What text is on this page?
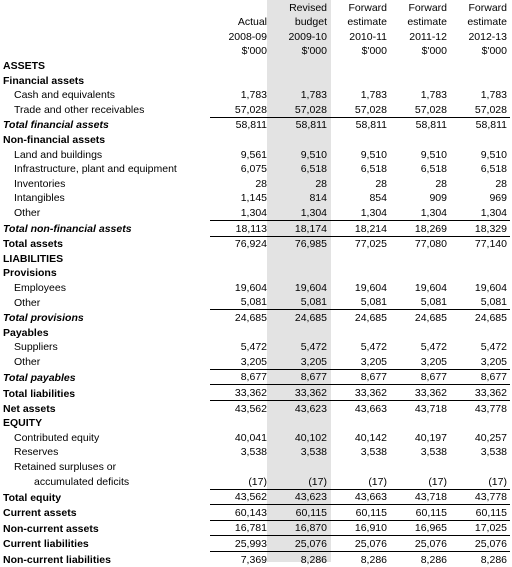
		Revised	Forward	Forward	Forward
	Actual	budget	estimate	estimate	estimate
	2008-09	2009-10	2010-11	2011-12	2012-13
	$'000	$'000	$'000	$'000	$'000
ASSETS					
Financial assets					
Cash and equivalents	1,783	1,783	1,783	1,783	1,783
Trade and other receivables	57,028	57,028	57,028	57,028	57,028
Total financial assets	58,811	58,811	58,811	58,811	58,811
Non-financial assets					
Land and buildings	9,561	9,510	9,510	9,510	9,510
Infrastructure, plant and equipment	6,075	6,518	6,518	6,518	6,518
Inventories	28	28	28	28	28
Intangibles	1,145	814	854	909	969
Other	1,304	1,304	1,304	1,304	1,304
Total non-financial assets	18,113	18,174	18,214	18,269	18,329
Total assets	76,924	76,985	77,025	77,080	77,140
LIABILITIES					
Provisions					
Employees	19,604	19,604	19,604	19,604	19,604
Other	5,081	5,081	5,081	5,081	5,081
Total provisions	24,685	24,685	24,685	24,685	24,685
Payables					
Suppliers	5,472	5,472	5,472	5,472	5,472
Other	3,205	3,205	3,205	3,205	3,205
Total payables	8,677	8,677	8,677	8,677	8,677
Total liabilities	33,362	33,362	33,362	33,362	33,362
Net assets	43,562	43,623	43,663	43,718	43,778
EQUITY					
Contributed equity	40,041	40,102	40,142	40,197	40,257
Reserves	3,538	3,538	3,538	3,538	3,538
Retained surpluses or					
accumulated deficits	(17)	(17)	(17)	(17)	(17)
Total equity	43,562	43,623	43,663	43,718	43,778
Current assets	60,143	60,115	60,115	60,115	60,115
Non-current assets	16,781	16,870	16,910	16,965	17,025
Current liabilities	25,993	25,076	25,076	25,076	25,076
Non-current liabilities	7,369	8,286	8,286	8,286	8,286
